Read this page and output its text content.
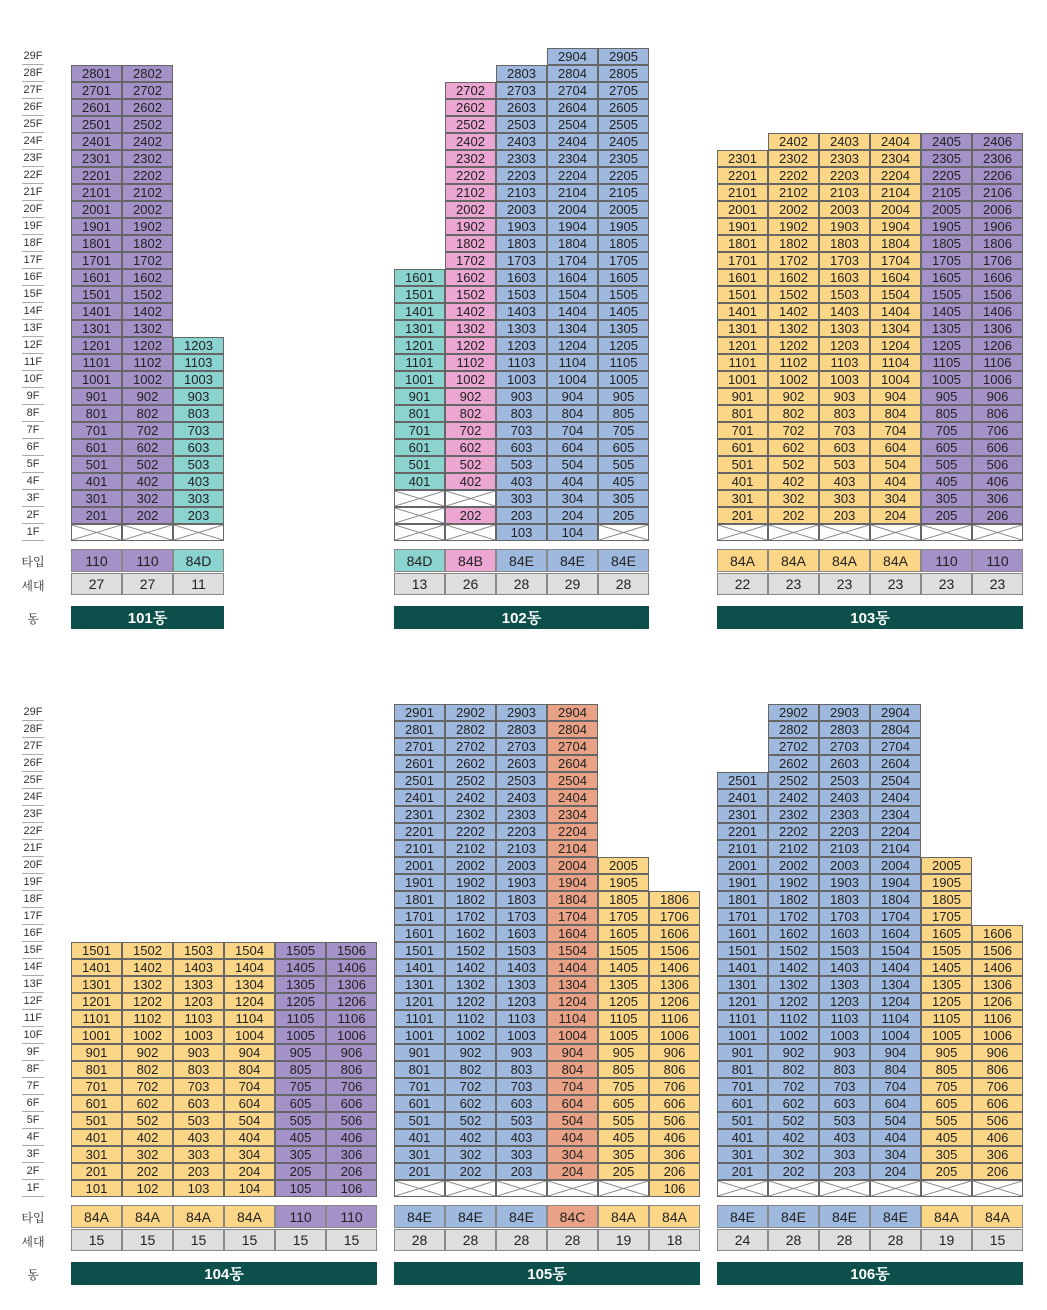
1F
2F
3F
4F
5F
6F
7F
8F
9F
10F
11F
12F
13F
14F
15F
16F
17F
18F
19F
20F
21F
22F
23F
24F
25F
26F
27F
28F
29F
타입
세대
동
1F
2F
3F
4F
5F
6F
7F
8F
9F
10F
11F
12F
13F
14F
15F
16F
17F
18F
19F
20F
21F
22F
23F
24F
25F
26F
27F
28F
29F
타입
세대
동
201
301
401
501
601
701
801
901
1001
1101
1201
1301
1401
1501
1601
1701
1801
1901
2001
2101
2201
2301
2401
2501
2601
2701
2801
110
27
202
302
402
502
602
702
802
902
1002
1102
1202
1302
1402
1502
1602
1702
1802
1902
2002
2102
2202
2302
2402
2502
2602
2702
2802
110
27
203
303
403
503
603
703
803
903
1003
1103
1203
84D
11
101동
401
501
601
701
801
901
1001
1101
1201
1301
1401
1501
1601
84D
13
202
402
502
602
702
802
902
1002
1102
1202
1302
1402
1502
1602
1702
1802
1902
2002
2102
2202
2302
2402
2502
2602
2702
84B
26
103
203
303
403
503
603
703
803
903
1003
1103
1203
1303
1403
1503
1603
1703
1803
1903
2003
2103
2203
2303
2403
2503
2603
2703
2803
84E
28
104
204
304
404
504
604
704
804
904
1004
1104
1204
1304
1404
1504
1604
1704
1804
1904
2004
2104
2204
2304
2404
2504
2604
2704
2804
2904
84E
29
205
305
405
505
605
705
805
905
1005
1105
1205
1305
1405
1505
1605
1705
1805
1905
2005
2105
2205
2305
2405
2505
2605
2705
2805
2905
84E
28
102동
201
301
401
501
601
701
801
901
1001
1101
1201
1301
1401
1501
1601
1701
1801
1901
2001
2101
2201
2301
84A
22
202
302
402
502
602
702
802
902
1002
1102
1202
1302
1402
1502
1602
1702
1802
1902
2002
2102
2202
2302
2402
84A
23
203
303
403
503
603
703
803
903
1003
1103
1203
1303
1403
1503
1603
1703
1803
1903
2003
2103
2203
2303
2403
84A
23
204
304
404
504
604
704
804
904
1004
1104
1204
1304
1404
1504
1604
1704
1804
1904
2004
2104
2204
2304
2404
84A
23
205
305
405
505
605
705
805
905
1005
1105
1205
1305
1405
1505
1605
1705
1805
1905
2005
2105
2205
2305
2405
110
23
206
306
406
506
606
706
806
906
1006
1106
1206
1306
1406
1506
1606
1706
1806
1906
2006
2106
2206
2306
2406
110
23
103동
101
201
301
401
501
601
701
801
901
1001
1101
1201
1301
1401
1501
84A
15
102
202
302
402
502
602
702
802
902
1002
1102
1202
1302
1402
1502
84A
15
103
203
303
403
503
603
703
803
903
1003
1103
1203
1303
1403
1503
84A
15
104
204
304
404
504
604
704
804
904
1004
1104
1204
1304
1404
1504
84A
15
105
205
305
405
505
605
705
805
905
1005
1105
1205
1305
1405
1505
110
15
106
206
306
406
506
606
706
806
906
1006
1106
1206
1306
1406
1506
110
15
104동
201
301
401
501
601
701
801
901
1001
1101
1201
1301
1401
1501
1601
1701
1801
1901
2001
2101
2201
2301
2401
2501
2601
2701
2801
2901
84E
28
202
302
402
502
602
702
802
902
1002
1102
1202
1302
1402
1502
1602
1702
1802
1902
2002
2102
2202
2302
2402
2502
2602
2702
2802
2902
84E
28
203
303
403
503
603
703
803
903
1003
1103
1203
1303
1403
1503
1603
1703
1803
1903
2003
2103
2203
2303
2403
2503
2603
2703
2803
2903
84E
28
204
304
404
504
604
704
804
904
1004
1104
1204
1304
1404
1504
1604
1704
1804
1904
2004
2104
2204
2304
2404
2504
2604
2704
2804
2904
84C
28
205
305
405
505
605
705
805
905
1005
1105
1205
1305
1405
1505
1605
1705
1805
1905
2005
84A
19
106
206
306
406
506
606
706
806
906
1006
1106
1206
1306
1406
1506
1606
1706
1806
84A
18
105동
201
301
401
501
601
701
801
901
1001
1101
1201
1301
1401
1501
1601
1701
1801
1901
2001
2101
2201
2301
2401
2501
84E
24
202
302
402
502
602
702
802
902
1002
1102
1202
1302
1402
1502
1602
1702
1802
1902
2002
2102
2202
2302
2402
2502
2602
2702
2802
2902
84E
28
203
303
403
503
603
703
803
903
1003
1103
1203
1303
1403
1503
1603
1703
1803
1903
2003
2103
2203
2303
2403
2503
2603
2703
2803
2903
84E
28
204
304
404
504
604
704
804
904
1004
1104
1204
1304
1404
1504
1604
1704
1804
1904
2004
2104
2204
2304
2404
2504
2604
2704
2804
2904
84E
28
205
305
405
505
605
705
805
905
1005
1105
1205
1305
1405
1505
1605
1705
1805
1905
2005
84A
19
206
306
406
506
606
706
806
906
1006
1106
1206
1306
1406
1506
1606
84A
15
106동
